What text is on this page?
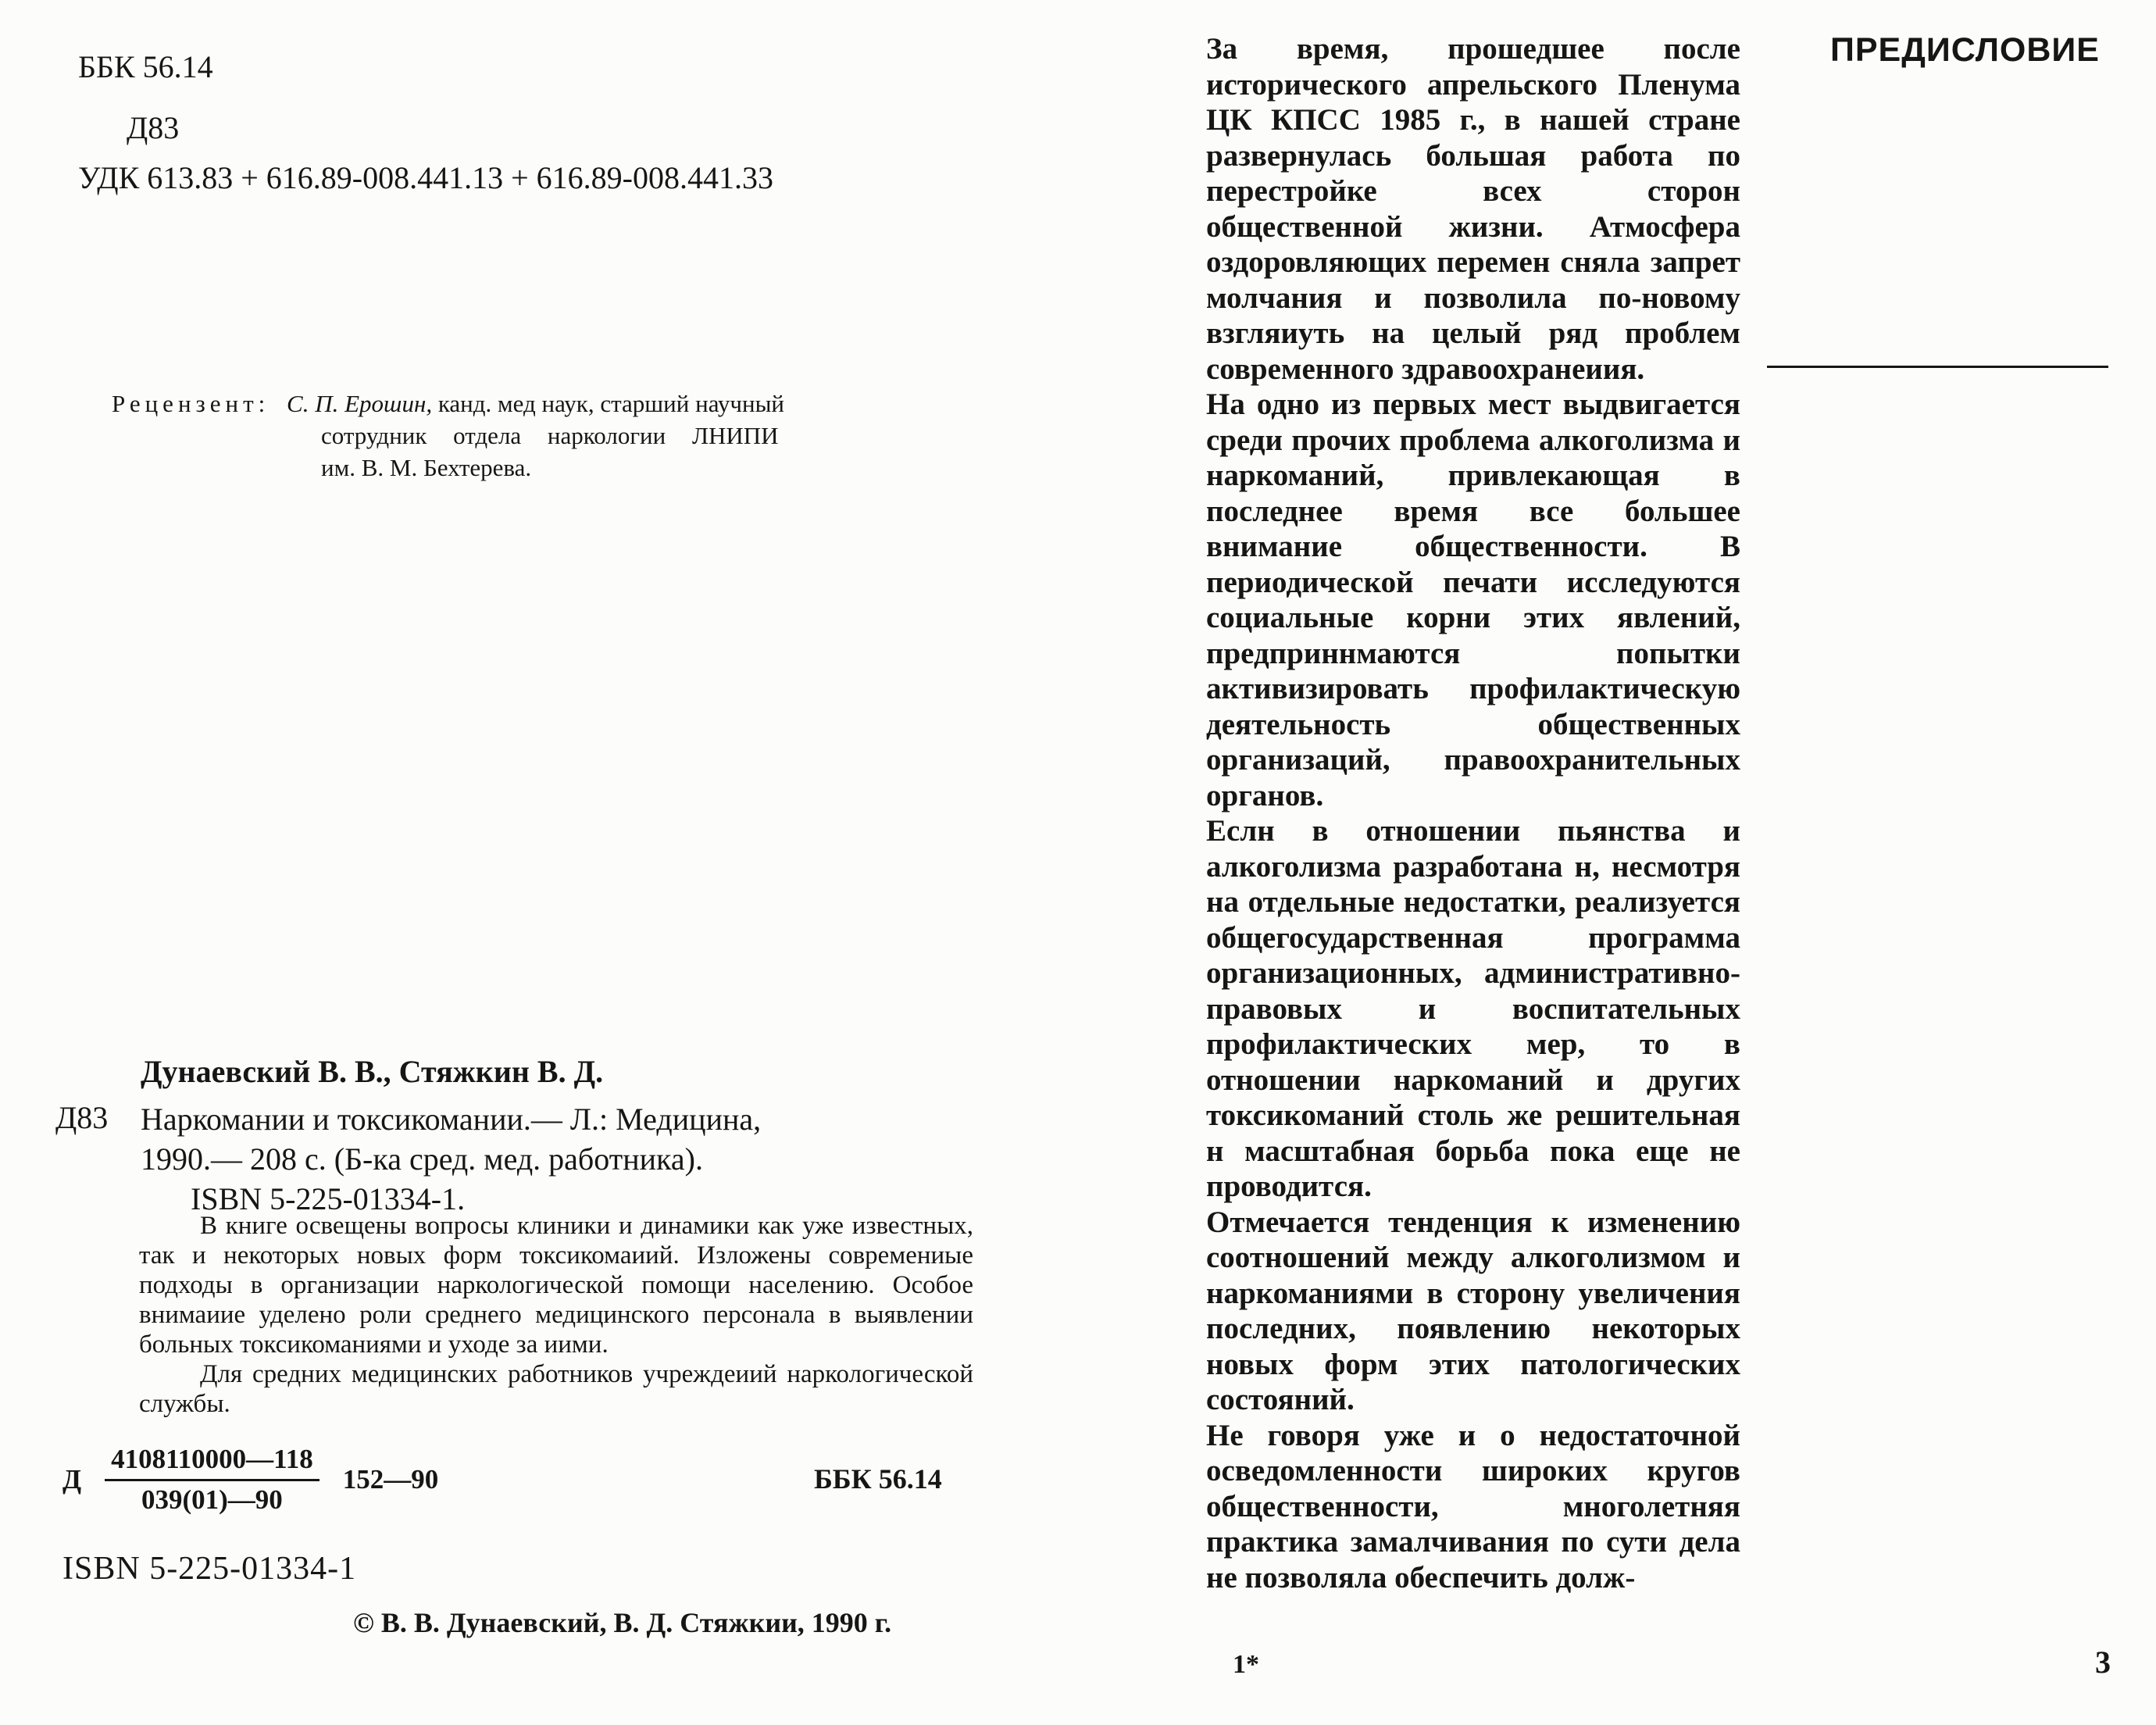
ББК 56.14
Д83
УДК 613.83 + 616.89-008.441.13 + 616.89-008.441.33
Рецензент: С. П. Ерошин, канд. мед наук, старший научный
сотрудник отдела наркологии ЛНИПИ
им. В. М. Бехтерева.
Дунаевский В. В., Стяжкин В. Д.
Д83 Наркомании и токсикомании.— Л.: Медицина,
1990.— 208 с. (Б-ка сред. мед. работника).
ISBN 5-225-01334-1.

В книге освещены вопросы клиники и динамики как уже известных, так и некоторых новых форм токсикомаиий. Изложены современиые подходы в организации наркологической помощи населению. Особое внимаиие уделено роли среднего медицинского персонала в выявлении больных токсикоманиями и уходе за иими.

Для средних медицинских работников учреждеиий наркологической службы.

Д $\frac{4108110000—118}{039(01)—90}$ 152—90	ББК 56.14
ISBN 5-225-01334-1
© В. В. Дунаевский, В. Д. Стяжкии, 1990 г.
ПРЕДИСЛОВИЕ

За время, прошедшее после исторического апрельского Пленума ЦК КПСС 1985 г., в нашей стране развернулась большая работа по перестройке всех сторон общественной жизни. Атмосфера оздоровляющих перемен сняла запрет молчания и позволила по-новому взгляиуть на целый ряд проблем современного здравоохранеиия.

На одно из первых мест выдвигается среди прочих проблема алкоголизма и наркоманий, привлекающая в последнее время все большее внимание общественности. В периодической печати исследуются социальные корни этих явлений, предприннмаются попытки активизировать профилактическую деятельность общественных организаций, правоохранительных органов.

Еслн в отношении пьянства и алкоголизма разработана н, несмотря на отдельные недостатки, реализуется общегосударственная программа организационных, административно-правовых и воспитательных профилактических мер, то в отношении наркоманий и других токсикоманий столь же решительная н масштабная борьба пока еще не проводится.

Отмечается тенденция к изменению соотношений между алкоголизмом и наркоманиями в сторону увеличения последних, появлению некоторых новых форм этих патологических состояний.

Не говоря уже и о недостаточной осведомленности широких кругов общественности, многолетняя практика замалчивания по сути дела не позволяла обеспечить долж-

1*	3
